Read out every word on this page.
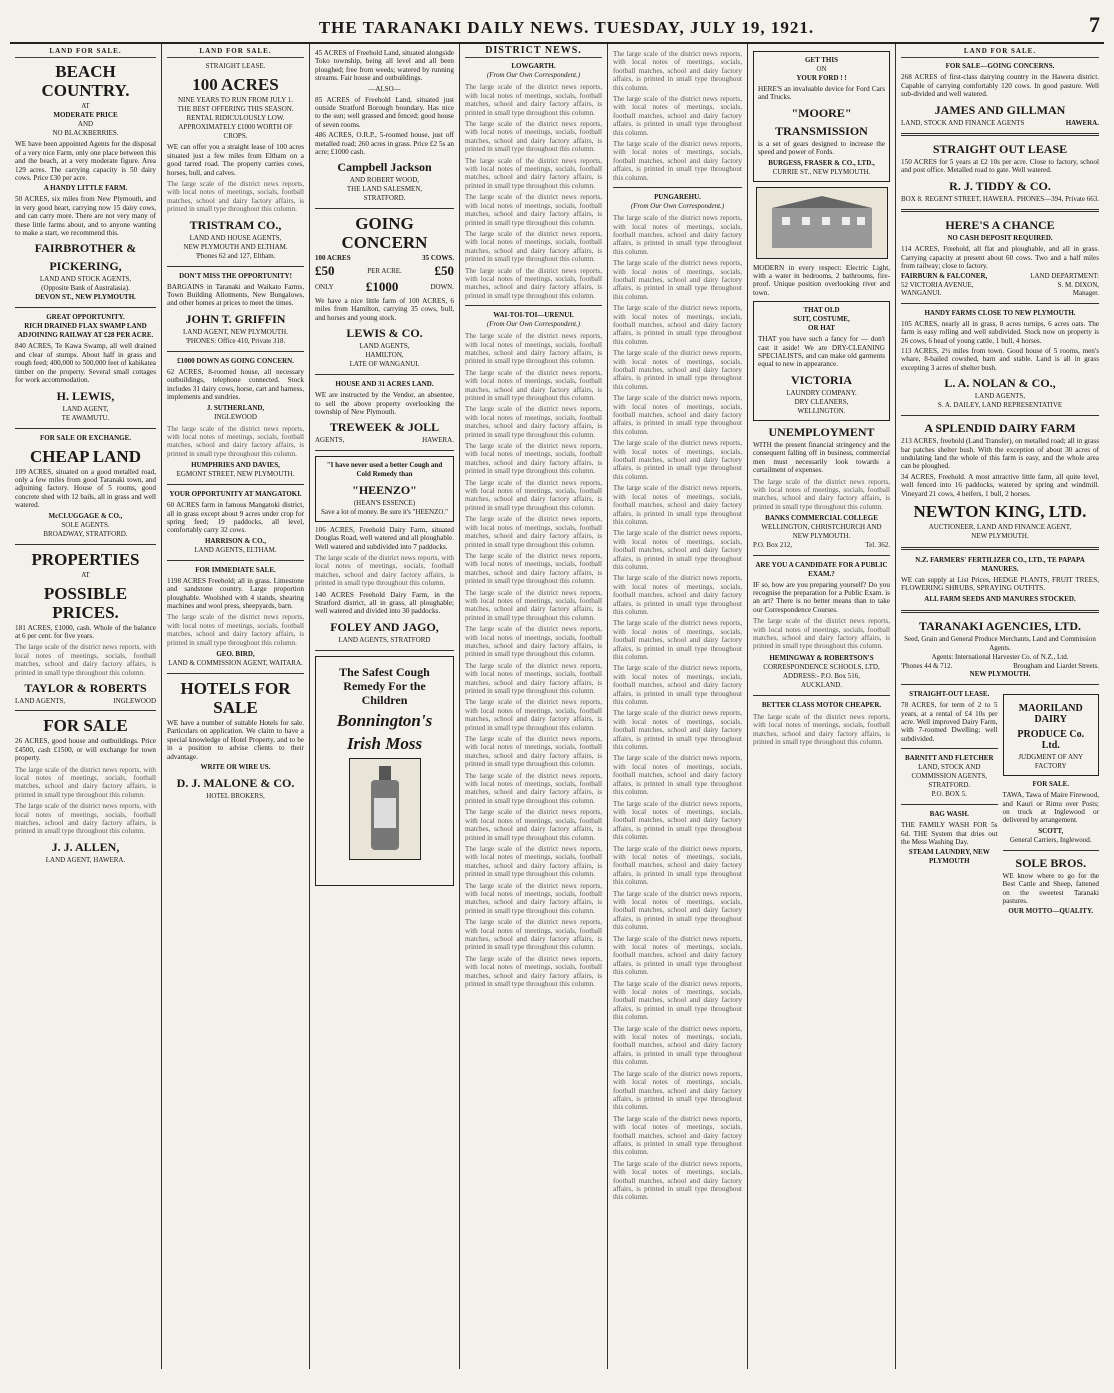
THE TARANAKI DAILY NEWS. TUESDAY, JULY 19, 1921.	7
LAND FOR SALE.
BEACH COUNTRY.
AT
MODERATE PRICE
AND
NO BLACKBERRIES.

WE have been appointed Agents for the disposal of a very nice Farm, only one place between this and the beach, at a very moderate figure. Area 129 acres. The carrying capacity is 50 dairy cows. Price £30 per acre.

A HANDY LITTLE FARM.

50 ACRES, six miles from New Plymouth, and in very good heart, carrying now 15 dairy cows, and can carry more. There are not very many of these little farms about, and to anyone wanting to make a start, we recommend this.

FAIRBROTHER &
PICKERING,
LAND AND STOCK AGENTS,
(Opposite Bank of Australasia).
DEVON ST., NEW PLYMOUTH.
GREAT OPPORTUNITY.
RICH DRAINED FLAX SWAMP LAND ADJOINING RAILWAY AT £28 PER ACRE.

840 ACRES, Te Kawa Swamp, all well drained and clear of stumps. About half in grass and rough feed; 400,000 to 500,000 feet of kahikatea timber on the property. Several small cottages for work accommodation.

H. LEWIS,
LAND AGENT,
TE AWAMUTU.
FOR SALE OR EXCHANGE.
CHEAP LAND

109 ACRES, situated on a good metalled road, only a few miles from good Taranaki town, and adjoining factory. House of 5 rooms, good concrete shed with 12 bails, all in grass and well watered.

McCLUGGAGE & CO.,
SOLE AGENTS.
BROADWAY, STRATFORD.
PROPERTIES
AT
POSSIBLE PRICES.

181 ACRES, £1000, cash. Whole of the balance at 6 per cent. for five years.

The large scale of the district news reports, with local notes of meetings, socials, football matches, school and dairy factory affairs, is printed in small type throughout this column.
TAYLOR & ROBERTS
LAND AGENTS,	INGLEWOOD
FOR SALE

26 ACRES, good house and outbuildings. Price £4500, cash £1500, or will exchange for town property.

The large scale of the district news reports, with local notes of meetings, socials, football matches, school and dairy factory affairs, is printed in small type throughout this column.
The large scale of the district news reports, with local notes of meetings, socials, football matches, school and dairy factory affairs, is printed in small type throughout this column.
J. J. ALLEN,
LAND AGENT, HAWERA.
LAND FOR SALE.
STRAIGHT LEASE.
100 ACRES
NINE YEARS TO RUN FROM JULY 1.
THE BEST OFFERING THIS SEASON.
RENTAL RIDICULOUSLY LOW.
APPROXIMATELY £1000 WORTH OF CROPS.

WE can offer you a straight lease of 100 acres situated just a few miles from Eltham on a good tarred road. The property carries cows, horses, bull, and calves.

The large scale of the district news reports, with local notes of meetings, socials, football matches, school and dairy factory affairs, is printed in small type throughout this column.
TRISTRAM CO.,
LAND AND HOUSE AGENTS,
NEW PLYMOUTH AND ELTHAM.
'Phones 62 and 127, Eltham.
DON'T MISS THE OPPORTUNITY!

BARGAINS in Taranaki and Waikato Farms, Town Building Allotments, New Bungalows, and other homes at prices to meet the times.

JOHN T. GRIFFIN
LAND AGENT, NEW PLYMOUTH.
'PHONES: Office 410, Private 318.
£1000 DOWN AS GOING CONCERN.

62 ACRES, 8-roomed house, all necessary outbuildings, telephone connected. Stock includes 31 dairy cows, horse, cart and harness, implements and sundries.

J. SUTHERLAND,
INGLEWOOD
The large scale of the district news reports, with local notes of meetings, socials, football matches, school and dairy factory affairs, is printed in small type throughout this column.
HUMPHRIES AND DAVIES,
EGMONT STREET, NEW PLYMOUTH.
YOUR OPPORTUNITY AT MANGATOKI.

60 ACRES farm in famous Mangatoki district, all in grass except about 9 acres under crop for spring feed; 19 paddocks, all level, comfortably carry 32 cows.

HARRISON & CO.,
LAND AGENTS, ELTHAM.
FOR IMMEDIATE SALE.

1198 ACRES Freehold; all in grass. Limestone and sandstone country. Large proportion ploughable. Woolshed with 4 stands, shearing machines and wool press, sheepyards, barn.

The large scale of the district news reports, with local notes of meetings, socials, football matches, school and dairy factory affairs, is printed in small type throughout this column.
GEO. BIRD,
LAND & COMMISSION AGENT, WAITARA.
HOTELS FOR SALE

WE have a number of suitable Hotels for sale. Particulars on application. We claim to have a special knowledge of Hotel Property, and to be in a position to advise clients to their advantage.

WRITE OR WIRE US.
D. J. MALONE & CO.
HOTEL BROKERS,

45 ACRES of Freehold Land, situated alongside Toko township, being all level and all been ploughed; free from weeds; watered by running streams. Fair house and outbuildings.

—ALSO—

85 ACRES of Freehold Land, situated just outside Stratford Borough boundary. Has nice to the sun; well grassed and fenced; good house of seven rooms.

486 ACRES, O.R.P., 5-roomed house, just off metalled road; 260 acres in grass. Price £2 5s an acre; £1000 cash.

Campbell Jackson
AND ROBERT WOOD,
THE LAND SALESMEN,
STRATFORD.
GOING CONCERN
100 ACRES	35 COWS.
£50	PER ACRE.	£50
ONLY £1000	DOWN.

We have a nice little farm of 100 ACRES, 6 miles from Hamilton, carrying 35 cows, bull, and horses and young stock.

LEWIS & CO.
LAND AGENTS,
HAMILTON,
LATE OF WANGANUI.
HOUSE AND 31 ACRES LAND.

WE are instructed by the Vendor, an absentee, to sell the above property overlooking the township of New Plymouth.

TREWEEK & JOLL
AGENTS,	HAWERA.
"I have never used a better Cough and Cold Remedy than
"HEENZO"
(HEAN'S ESSENCE)
Save a lot of money. Be sure it's "HEENZO."

106 ACRES, Freehold Dairy Farm, situated Douglas Road, well watered and all ploughable. Well watered and subdivided into 7 paddocks.

The large scale of the district news reports, with local notes of meetings, socials, football matches, school and dairy factory affairs, is printed in small type throughout this column.

140 ACRES Freehold Dairy Farm, in the Stratford district, all in grass, all ploughable; well watered and divided into 30 paddocks.

FOLEY AND JAGO,
LAND AGENTS, STRATFORD
The Safest Cough Remedy For the Children
Bonnington's
Irish Moss
DISTRICT NEWS.
LOWGARTH.
(From Our Own Correspondent.)
The large scale of the district news reports, with local notes of meetings, socials, football matches, school and dairy factory affairs, is printed in small type throughout this column.
The large scale of the district news reports, with local notes of meetings, socials, football matches, school and dairy factory affairs, is printed in small type throughout this column.
The large scale of the district news reports, with local notes of meetings, socials, football matches, school and dairy factory affairs, is printed in small type throughout this column.
The large scale of the district news reports, with local notes of meetings, socials, football matches, school and dairy factory affairs, is printed in small type throughout this column.
The large scale of the district news reports, with local notes of meetings, socials, football matches, school and dairy factory affairs, is printed in small type throughout this column.
The large scale of the district news reports, with local notes of meetings, socials, football matches, school and dairy factory affairs, is printed in small type throughout this column.
WAI-TOI-TOI—URENUI.
(From Our Own Correspondent.)
The large scale of the district news reports, with local notes of meetings, socials, football matches, school and dairy factory affairs, is printed in small type throughout this column.
The large scale of the district news reports, with local notes of meetings, socials, football matches, school and dairy factory affairs, is printed in small type throughout this column.
The large scale of the district news reports, with local notes of meetings, socials, football matches, school and dairy factory affairs, is printed in small type throughout this column.
The large scale of the district news reports, with local notes of meetings, socials, football matches, school and dairy factory affairs, is printed in small type throughout this column.
The large scale of the district news reports, with local notes of meetings, socials, football matches, school and dairy factory affairs, is printed in small type throughout this column.
The large scale of the district news reports, with local notes of meetings, socials, football matches, school and dairy factory affairs, is printed in small type throughout this column.
The large scale of the district news reports, with local notes of meetings, socials, football matches, school and dairy factory affairs, is printed in small type throughout this column.
The large scale of the district news reports, with local notes of meetings, socials, football matches, school and dairy factory affairs, is printed in small type throughout this column.
The large scale of the district news reports, with local notes of meetings, socials, football matches, school and dairy factory affairs, is printed in small type throughout this column.
The large scale of the district news reports, with local notes of meetings, socials, football matches, school and dairy factory affairs, is printed in small type throughout this column.
The large scale of the district news reports, with local notes of meetings, socials, football matches, school and dairy factory affairs, is printed in small type throughout this column.
The large scale of the district news reports, with local notes of meetings, socials, football matches, school and dairy factory affairs, is printed in small type throughout this column.
The large scale of the district news reports, with local notes of meetings, socials, football matches, school and dairy factory affairs, is printed in small type throughout this column.
The large scale of the district news reports, with local notes of meetings, socials, football matches, school and dairy factory affairs, is printed in small type throughout this column.
The large scale of the district news reports, with local notes of meetings, socials, football matches, school and dairy factory affairs, is printed in small type throughout this column.
The large scale of the district news reports, with local notes of meetings, socials, football matches, school and dairy factory affairs, is printed in small type throughout this column.
The large scale of the district news reports, with local notes of meetings, socials, football matches, school and dairy factory affairs, is printed in small type throughout this column.
The large scale of the district news reports, with local notes of meetings, socials, football matches, school and dairy factory affairs, is printed in small type throughout this column.
The large scale of the district news reports, with local notes of meetings, socials, football matches, school and dairy factory affairs, is printed in small type throughout this column.
The large scale of the district news reports, with local notes of meetings, socials, football matches, school and dairy factory affairs, is printed in small type throughout this column.
The large scale of the district news reports, with local notes of meetings, socials, football matches, school and dairy factory affairs, is printed in small type throughout this column.
PUNGAREHU.
(From Our Own Correspondent.)
The large scale of the district news reports, with local notes of meetings, socials, football matches, school and dairy factory affairs, is printed in small type throughout this column.
The large scale of the district news reports, with local notes of meetings, socials, football matches, school and dairy factory affairs, is printed in small type throughout this column.
The large scale of the district news reports, with local notes of meetings, socials, football matches, school and dairy factory affairs, is printed in small type throughout this column.
The large scale of the district news reports, with local notes of meetings, socials, football matches, school and dairy factory affairs, is printed in small type throughout this column.
The large scale of the district news reports, with local notes of meetings, socials, football matches, school and dairy factory affairs, is printed in small type throughout this column.
The large scale of the district news reports, with local notes of meetings, socials, football matches, school and dairy factory affairs, is printed in small type throughout this column.
The large scale of the district news reports, with local notes of meetings, socials, football matches, school and dairy factory affairs, is printed in small type throughout this column.
The large scale of the district news reports, with local notes of meetings, socials, football matches, school and dairy factory affairs, is printed in small type throughout this column.
The large scale of the district news reports, with local notes of meetings, socials, football matches, school and dairy factory affairs, is printed in small type throughout this column.
The large scale of the district news reports, with local notes of meetings, socials, football matches, school and dairy factory affairs, is printed in small type throughout this column.
The large scale of the district news reports, with local notes of meetings, socials, football matches, school and dairy factory affairs, is printed in small type throughout this column.
The large scale of the district news reports, with local notes of meetings, socials, football matches, school and dairy factory affairs, is printed in small type throughout this column.
The large scale of the district news reports, with local notes of meetings, socials, football matches, school and dairy factory affairs, is printed in small type throughout this column.
The large scale of the district news reports, with local notes of meetings, socials, football matches, school and dairy factory affairs, is printed in small type throughout this column.
The large scale of the district news reports, with local notes of meetings, socials, football matches, school and dairy factory affairs, is printed in small type throughout this column.
The large scale of the district news reports, with local notes of meetings, socials, football matches, school and dairy factory affairs, is printed in small type throughout this column.
The large scale of the district news reports, with local notes of meetings, socials, football matches, school and dairy factory affairs, is printed in small type throughout this column.
The large scale of the district news reports, with local notes of meetings, socials, football matches, school and dairy factory affairs, is printed in small type throughout this column.
The large scale of the district news reports, with local notes of meetings, socials, football matches, school and dairy factory affairs, is printed in small type throughout this column.
The large scale of the district news reports, with local notes of meetings, socials, football matches, school and dairy factory affairs, is printed in small type throughout this column.
The large scale of the district news reports, with local notes of meetings, socials, football matches, school and dairy factory affairs, is printed in small type throughout this column.
The large scale of the district news reports, with local notes of meetings, socials, football matches, school and dairy factory affairs, is printed in small type throughout this column.
GET THIS
ON
YOUR FORD ! !

HERE'S an invaluable device for Ford Cars and Trucks.

"MOORE"
TRANSMISSION

is a set of gears designed to increase the speed and power of Fords.

BURGESS, FRASER & CO., LTD.,
CURRIE ST., NEW PLYMOUTH.

MODERN in every respect: Electric Light, with a water in bedrooms, 2 bathrooms, fire-proof. Unique position overlooking river and town.

THAT OLD
SUIT, COSTUME,
OR HAT

THAT you have such a fancy for — don't cast it aside! We are DRY-CLEANING SPECIALISTS, and can make old garments equal to new in appearance.

VICTORIA
LAUNDRY COMPANY.
DRY CLEANERS,
WELLINGTON.
UNEMPLOYMENT

WITH the present financial stringency and the consequent falling off in business, commercial men must necessarily look towards a curtailment of expenses.

The large scale of the district news reports, with local notes of meetings, socials, football matches, school and dairy factory affairs, is printed in small type throughout this column.
BANKS COMMERCIAL COLLEGE
WELLINGTON, CHRISTCHURCH AND NEW PLYMOUTH.
P.O. Box 212,	Tel. 362.
ARE YOU A CANDIDATE FOR A PUBLIC EXAM.?

IF so, how are you preparing yourself? Do you recognise the preparation for a Public Exam. is an art? There is no better means than to take our Correspondence Courses.

The large scale of the district news reports, with local notes of meetings, socials, football matches, school and dairy factory affairs, is printed in small type throughout this column.
HEMINGWAY & ROBERTSON'S
CORRESPONDENCE SCHOOLS, LTD,
ADDRESS:- P.O. Box 516,
AUCKLAND.
BETTER CLASS MOTOR CHEAPER.
The large scale of the district news reports, with local notes of meetings, socials, football matches, school and dairy factory affairs, is printed in small type throughout this column.
LAND FOR SALE.
FOR SALE—GOING CONCERNS.

268 ACRES of first-class dairying country in the Hawera district. Capable of carrying comfortably 120 cows. In good pasture. Well sub-divided and well watered.

JAMES AND GILLMAN
LAND, STOCK AND FINANCE AGENTS	HAWERA.
STRAIGHT OUT LEASE

150 ACRES for 5 years at £2 10s per acre. Close to factory, school and post office. Metalled road to gate. Well watered.

R. J. TIDDY & CO.
BOX 8. REGENT STREET, HAWERA. PHONES—394, Private 663.
HERE'S A CHANCE
NO CASH DEPOSIT REQUIRED.

114 ACRES, Freehold, all flat and ploughable, and all in grass. Carrying capacity at present about 60 cows. Two and a half miles from railway; close to factory.

FAIRBURN & FALCONER,	LAND DEPARTMENT:
52 VICTORIA AVENUE,	S. M. DIXON,
WANGANUI.	Manager.
HANDY FARMS CLOSE TO NEW PLYMOUTH.

105 ACRES, nearly all in grass, 8 acres turnips, 6 acres oats. The farm is easy rolling and well subdivided. Stock now on property is 26 cows, 6 head of young cattle, 1 bull, 4 horses.

113 ACRES, 2½ miles from town. Good house of 5 rooms, men's whare, 8-bailed cowshed, barn and stable. Land is all in grass excepting 3 acres of shelter bush.

L. A. NOLAN & CO.,
LAND AGENTS,
S. A. DAILEY, LAND REPRESENTATIVE
A SPLENDID DAIRY FARM

213 ACRES, freehold (Land Transfer), on metalled road; all in grass bar patches shelter bush. With the exception of about 30 acres of undulating land the whole of this farm is easy, and the whole area can be ploughed.

34 ACRES, Freehold. A most attractive little farm, all quite level, well fenced into 16 paddocks, watered by spring and windmill. Vineyard 21 cows, 4 heifers, 1 bull, 2 horses.

NEWTON KING, LTD.
AUCTIONEER, LAND AND FINANCE AGENT,
NEW PLYMOUTH.
N.Z. FARMERS' FERTILIZER CO., LTD., TE PAPAPA MANURES.

WE can supply at List Prices, HEDGE PLANTS, FRUIT TREES, FLOWERING SHRUBS, SPRAYING OUTFITS.

ALL FARM SEEDS AND MANURES STOCKED.
TARANAKI AGENCIES, LTD.
Seed, Grain and General Produce Merchants, Land and Commission Agents.
Agents: International Harvester Co. of N.Z., Ltd.
'Phones 44 & 712.	Brougham and Liardet Streets.
NEW PLYMOUTH.
STRAIGHT-OUT LEASE.

78 ACRES, for term of 2 to 5 years, at a rental of £4 10s per acre. Well improved Dairy Farm, with 7-roomed Dwelling; well subdivided.

BARNITT AND FLETCHER
LAND, STOCK AND COMMISSION AGENTS,
STRATFORD.
P.O. BOX 5.
BAG WASH.

THE FAMILY WASH FOR 5s 6d. THE System that dries out the Mess Washing Day.

STEAM LAUNDRY, NEW PLYMOUTH
MAORILAND DAIRY
PRODUCE Co. Ltd.
JUDGMENT OF ANY FACTORY
FOR SALE.

TAWA, Tawa of Maire Firewood, and Kauri or Rimu over Posts; on truck at Inglewood or delivered by arrangement.

SCOTT,
General Carriers, Inglewood.
SOLE BROS.

WE know where to go for the Best Cattle and Sheep, fattened on the sweetest Taranaki pastures.

OUR MOTTO—QUALITY.
